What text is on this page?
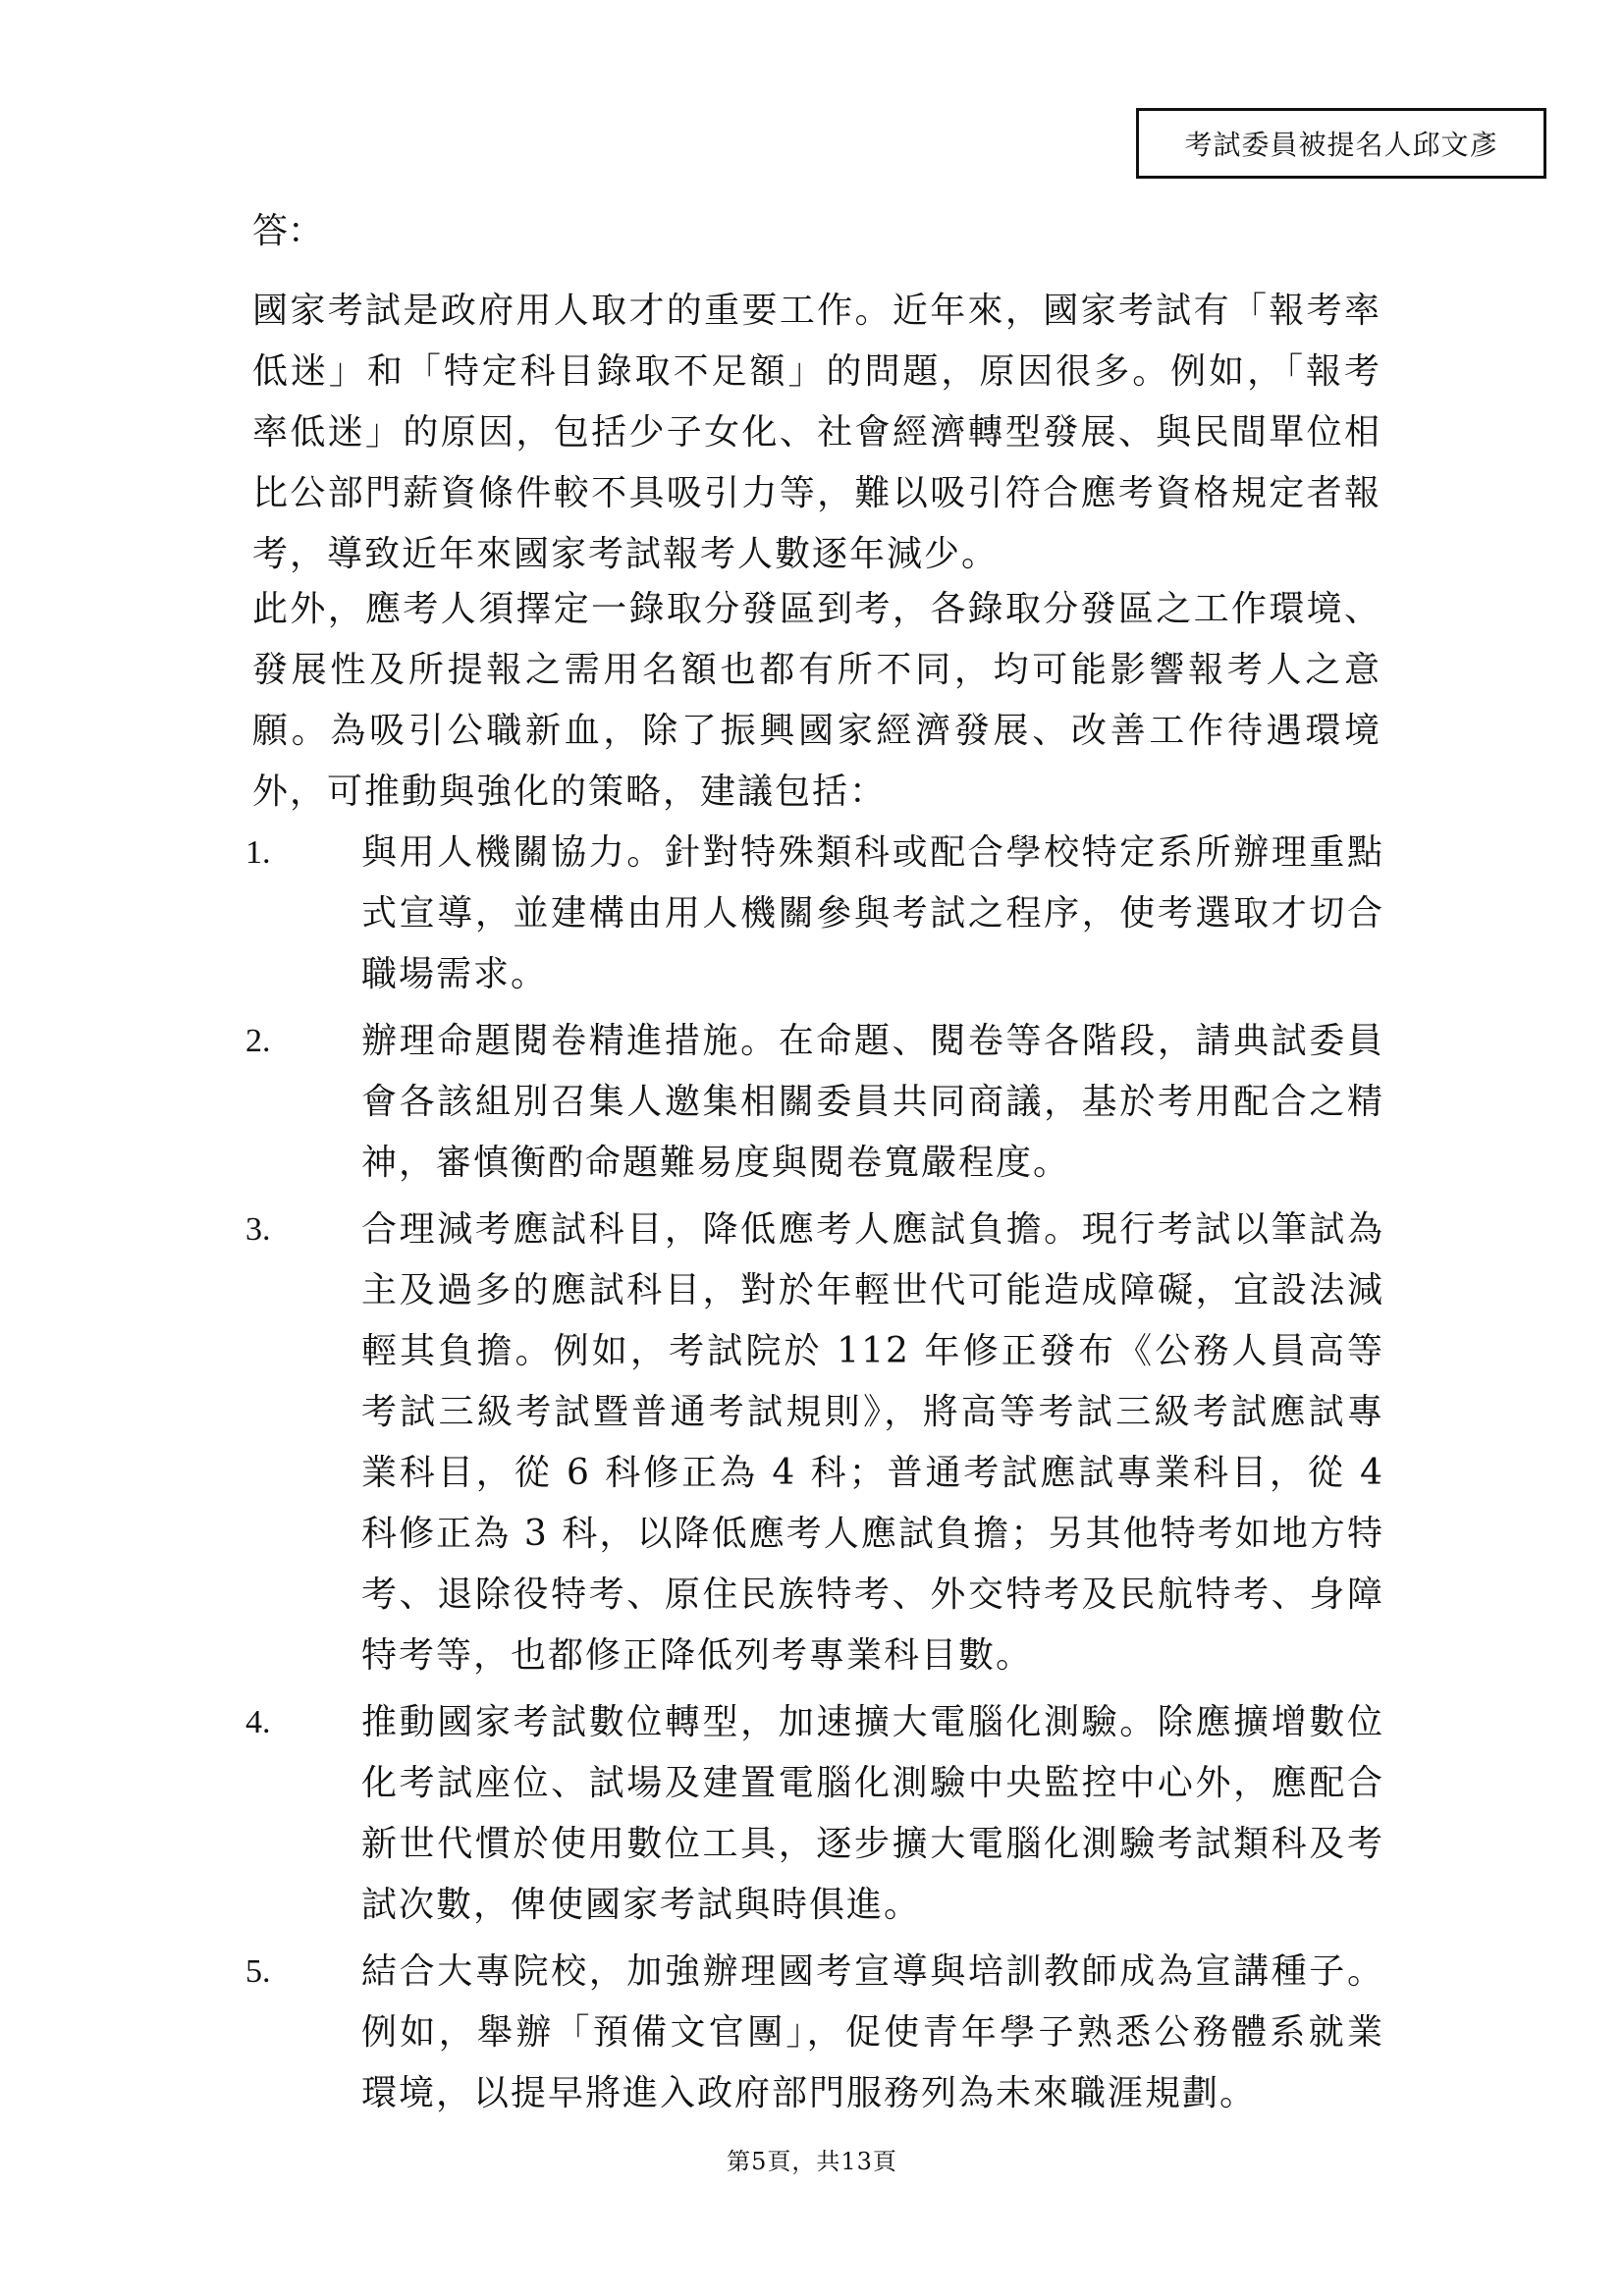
考試委員被提名人邱文彥
答：

國家考試是政府用人取才的重要工作。近年來，國家考試有「報考率低迷」和「特定科目錄取不足額」的問題，原因很多。例如，「報考率低迷」的原因，包括少子女化、社會經濟轉型發展、與民間單位相比公部門薪資條件較不具吸引力等，難以吸引符合應考資格規定者報考，導致近年來國家考試報考人數逐年減少。

此外，應考人須擇定一錄取分發區到考，各錄取分發區之工作環境、發展性及所提報之需用名額也都有所不同，均可能影響報考人之意願。為吸引公職新血，除了振興國家經濟發展、改善工作待遇環境外，可推動與強化的策略，建議包括：

1.	與用人機關協力。針對特殊類科或配合學校特定系所辦理重點式宣導，並建構由用人機關參與考試之程序，使考選取才切合職場需求。
2.	辦理命題閱卷精進措施。在命題、閱卷等各階段，請典試委員會各該組別召集人邀集相關委員共同商議，基於考用配合之精神，審慎衡酌命題難易度與閱卷寬嚴程度。
3.	合理減考應試科目，降低應考人應試負擔。現行考試以筆試為主及過多的應試科目，對於年輕世代可能造成障礙，宜設法減輕其負擔。例如，考試院於 112 年修正發布《公務人員高等考試三級考試暨普通考試規則》，將高等考試三級考試應試專業科目，從 6 科修正為 4 科；普通考試應試專業科目，從 4 科修正為 3 科，以降低應考人應試負擔；另其他特考如地方特考、退除役特考、原住民族特考、外交特考及民航特考、身障特考等，也都修正降低列考專業科目數。
4.	推動國家考試數位轉型，加速擴大電腦化測驗。除應擴增數位化考試座位、試場及建置電腦化測驗中央監控中心外，應配合新世代慣於使用數位工具，逐步擴大電腦化測驗考試類科及考試次數，俾使國家考試與時俱進。
5.	結合大專院校，加強辦理國考宣導與培訓教師成為宣講種子。例如，舉辦「預備文官團」，促使青年學子熟悉公務體系就業環境，以提早將進入政府部門服務列為未來職涯規劃。
第5頁，共13頁
